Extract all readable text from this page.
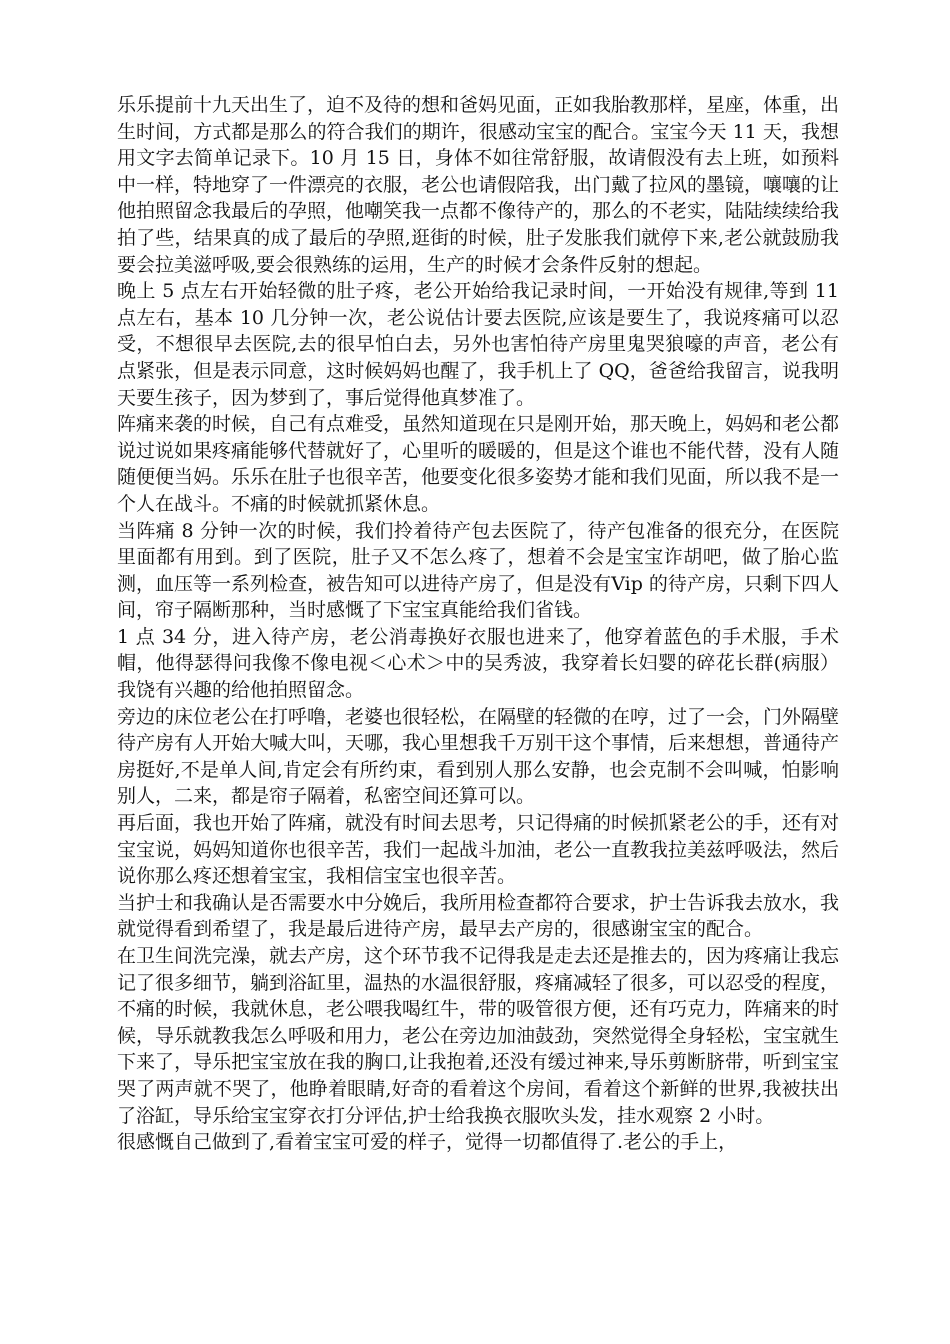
乐乐提前十九天出生了，迫不及待的想和爸妈见面，正如我胎教那样，星座，体重，出生时间，方式都是那么的符合我们的期许，很感动宝宝的配合。宝宝今天 11 天，我想用文字去简单记录下。10 月 15 日，身体不如往常舒服，故请假没有去上班，如预料中一样，特地穿了一件漂亮的衣服，老公也请假陪我，出门戴了拉风的墨镜，嚷嚷的让他拍照留念我最后的孕照，他嘲笑我一点都不像待产的，那么的不老实，陆陆续续给我拍了些，结果真的成了最后的孕照,逛街的时候，肚子发胀我们就停下来,老公就鼓励我要会拉美滋呼吸,要会很熟练的运用，生产的时候才会条件反射的想起。

晚上 5 点左右开始轻微的肚子疼，老公开始给我记录时间，一开始没有规律,等到 11 点左右，基本 10 几分钟一次，老公说估计要去医院,应该是要生了，我说疼痛可以忍受，不想很早去医院,去的很早怕白去，另外也害怕待产房里鬼哭狼嚎的声音，老公有点紧张，但是表示同意，这时候妈妈也醒了，我手机上了 QQ，爸爸给我留言，说我明天要生孩子，因为梦到了，事后觉得他真梦准了。

阵痛来袭的时候，自己有点难受，虽然知道现在只是刚开始，那天晚上，妈妈和老公都说过说如果疼痛能够代替就好了，心里听的暖暖的，但是这个谁也不能代替，没有人随随便便当妈。乐乐在肚子也很辛苦，他要变化很多姿势才能和我们见面，所以我不是一个人在战斗。不痛的时候就抓紧休息。

当阵痛 8 分钟一次的时候，我们拎着待产包去医院了，待产包准备的很充分，在医院里面都有用到。到了医院，肚子又不怎么疼了，想着不会是宝宝诈胡吧，做了胎心监测，血压等一系列检查，被告知可以进待产房了，但是没有Vip 的待产房，只剩下四人间，帘子隔断那种，当时感慨了下宝宝真能给我们省钱。

1 点 34 分，进入待产房，老公消毒换好衣服也进来了，他穿着蓝色的手术服，手术帽，他得瑟得问我像不像电视＜心术＞中的吴秀波，我穿着长妇婴的碎花长群(病服）我饶有兴趣的给他拍照留念。

旁边的床位老公在打呼噜，老婆也很轻松，在隔壁的轻微的在哼，过了一会，门外隔壁待产房有人开始大喊大叫，天哪，我心里想我千万别干这个事情，后来想想，普通待产房挺好,不是单人间,肯定会有所约束，看到别人那么安静，也会克制不会叫喊，怕影响别人，二来，都是帘子隔着，私密空间还算可以。

再后面，我也开始了阵痛，就没有时间去思考，只记得痛的时候抓紧老公的手，还有对宝宝说，妈妈知道你也很辛苦，我们一起战斗加油，老公一直教我拉美兹呼吸法，然后说你那么疼还想着宝宝，我相信宝宝也很辛苦。

当护士和我确认是否需要水中分娩后，我所用检查都符合要求，护士告诉我去放水，我就觉得看到希望了，我是最后进待产房，最早去产房的，很感谢宝宝的配合。

在卫生间洗完澡，就去产房，这个环节我不记得我是走去还是推去的，因为疼痛让我忘记了很多细节，躺到浴缸里，温热的水温很舒服，疼痛减轻了很多，可以忍受的程度，不痛的时候，我就休息，老公喂我喝红牛，带的吸管很方便，还有巧克力，阵痛来的时候，导乐就教我怎么呼吸和用力，老公在旁边加油鼓劲，突然觉得全身轻松，宝宝就生下来了，导乐把宝宝放在我的胸口,让我抱着,还没有缓过神来,导乐剪断脐带，听到宝宝哭了两声就不哭了，他睁着眼睛,好奇的看着这个房间，看着这个新鲜的世界,我被扶出了浴缸，导乐给宝宝穿衣打分评估,护士给我换衣服吹头发，挂水观察 2 小时。

很感慨自己做到了,看着宝宝可爱的样子，觉得一切都值得了.老公的手上，
